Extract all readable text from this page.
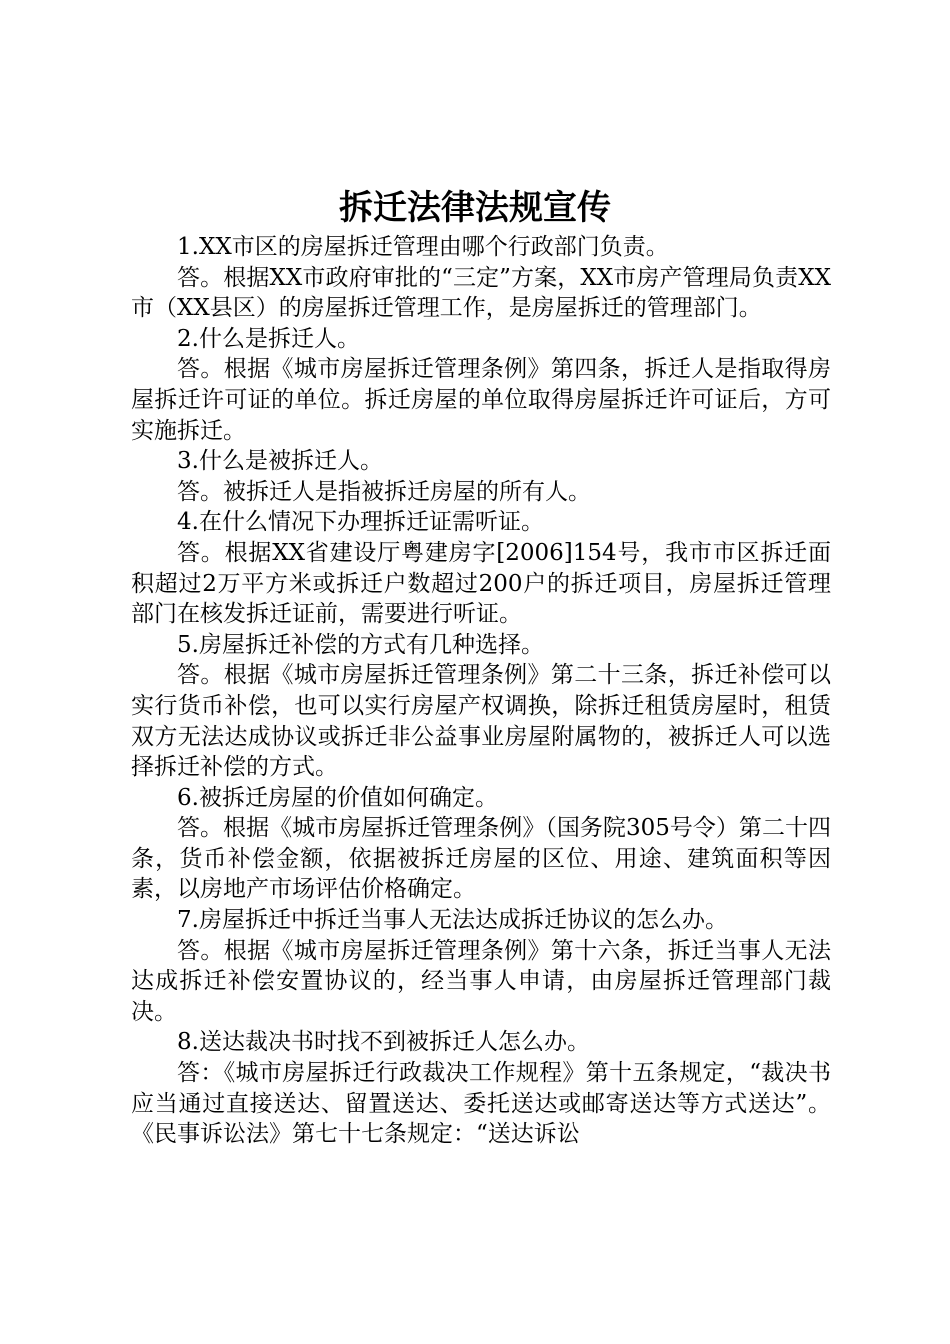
拆迁法律法规宣传

1.XX市区的房屋拆迁管理由哪个行政部门负责。

答。根据XX市政府审批的“三定”方案，XX市房产管理局负责XX市（XX县区）的房屋拆迁管理工作，是房屋拆迁的管理部门。

2.什么是拆迁人。

答。根据《城市房屋拆迁管理条例》第四条，拆迁人是指取得房屋拆迁许可证的单位。拆迁房屋的单位取得房屋拆迁许可证后，方可实施拆迁。

3.什么是被拆迁人。

答。被拆迁人是指被拆迁房屋的所有人。

4.在什么情况下办理拆迁证需听证。

答。根据XX省建设厅粤建房字[2006]154号，我市市区拆迁面积超过2万平方米或拆迁户数超过200户的拆迁项目，房屋拆迁管理部门在核发拆迁证前，需要进行听证。

5.房屋拆迁补偿的方式有几种选择。

答。根据《城市房屋拆迁管理条例》第二十三条，拆迁补偿可以实行货币补偿，也可以实行房屋产权调换，除拆迁租赁房屋时，租赁双方无法达成协议或拆迁非公益事业房屋附属物的，被拆迁人可以选择拆迁补偿的方式。

6.被拆迁房屋的价值如何确定。

答。根据《城市房屋拆迁管理条例》（国务院305号令）第二十四条，货币补偿金额，依据被拆迁房屋的区位、用途、建筑面积等因素，以房地产市场评估价格确定。

7.房屋拆迁中拆迁当事人无法达成拆迁协议的怎么办。

答。根据《城市房屋拆迁管理条例》第十六条，拆迁当事人无法达成拆迁补偿安置协议的，经当事人申请，由房屋拆迁管理部门裁决。

8.送达裁决书时找不到被拆迁人怎么办。

答：《城市房屋拆迁行政裁决工作规程》第十五条规定，“裁决书应当通过直接送达、留置送达、委托送达或邮寄送达等方式送达”。《民事诉讼法》第七十七条规定：“送达诉讼
